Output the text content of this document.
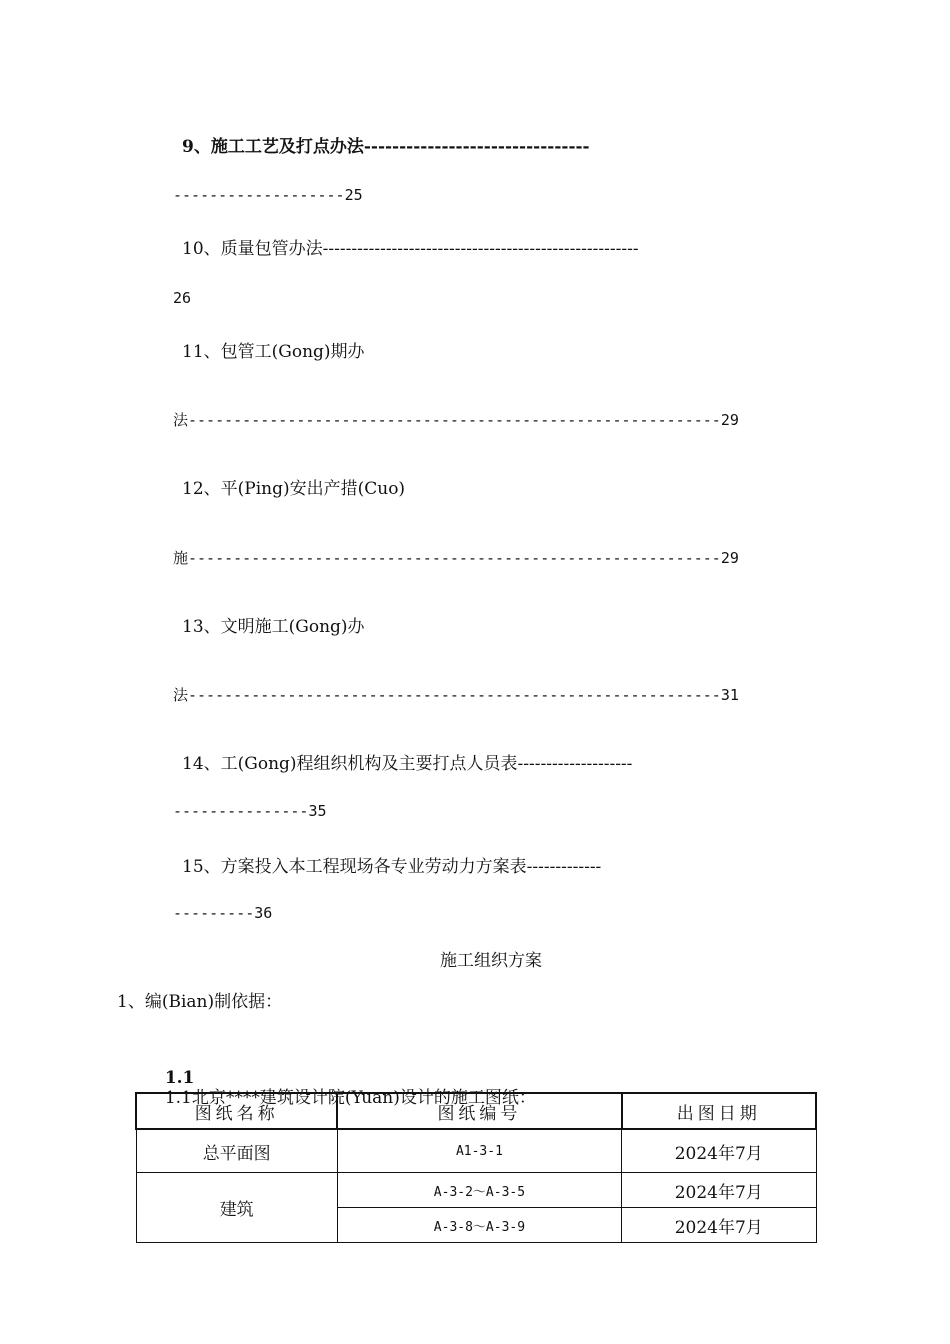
9、施工工艺及打点办法--------------------------------
-------------------25
10、质量包管办法-------------------------------------------------------
26
11、包管工(Gong)期办
法-----------------------------------------------------------29
12、平(Ping)安出产措(Cuo)
施-----------------------------------------------------------29
13、文明施工(Gong)办
法-----------------------------------------------------------31
14、工(Gong)程组织机构及主要打点人员表--------------------
---------------35
15、方案投入本工程现场各专业劳动力方案表-------------
---------36
施工组织方案
1、编(Bian)制依据：

1.1
1.1北京****建筑设计院(Yuan)设计的施工图纸：

图纸名称	图纸编号	出图日期
总平面图	A1-3-1	2024年7月
建筑	A-3-2～A-3-5	2024年7月
	A-3-8～A-3-9	2024年7月
